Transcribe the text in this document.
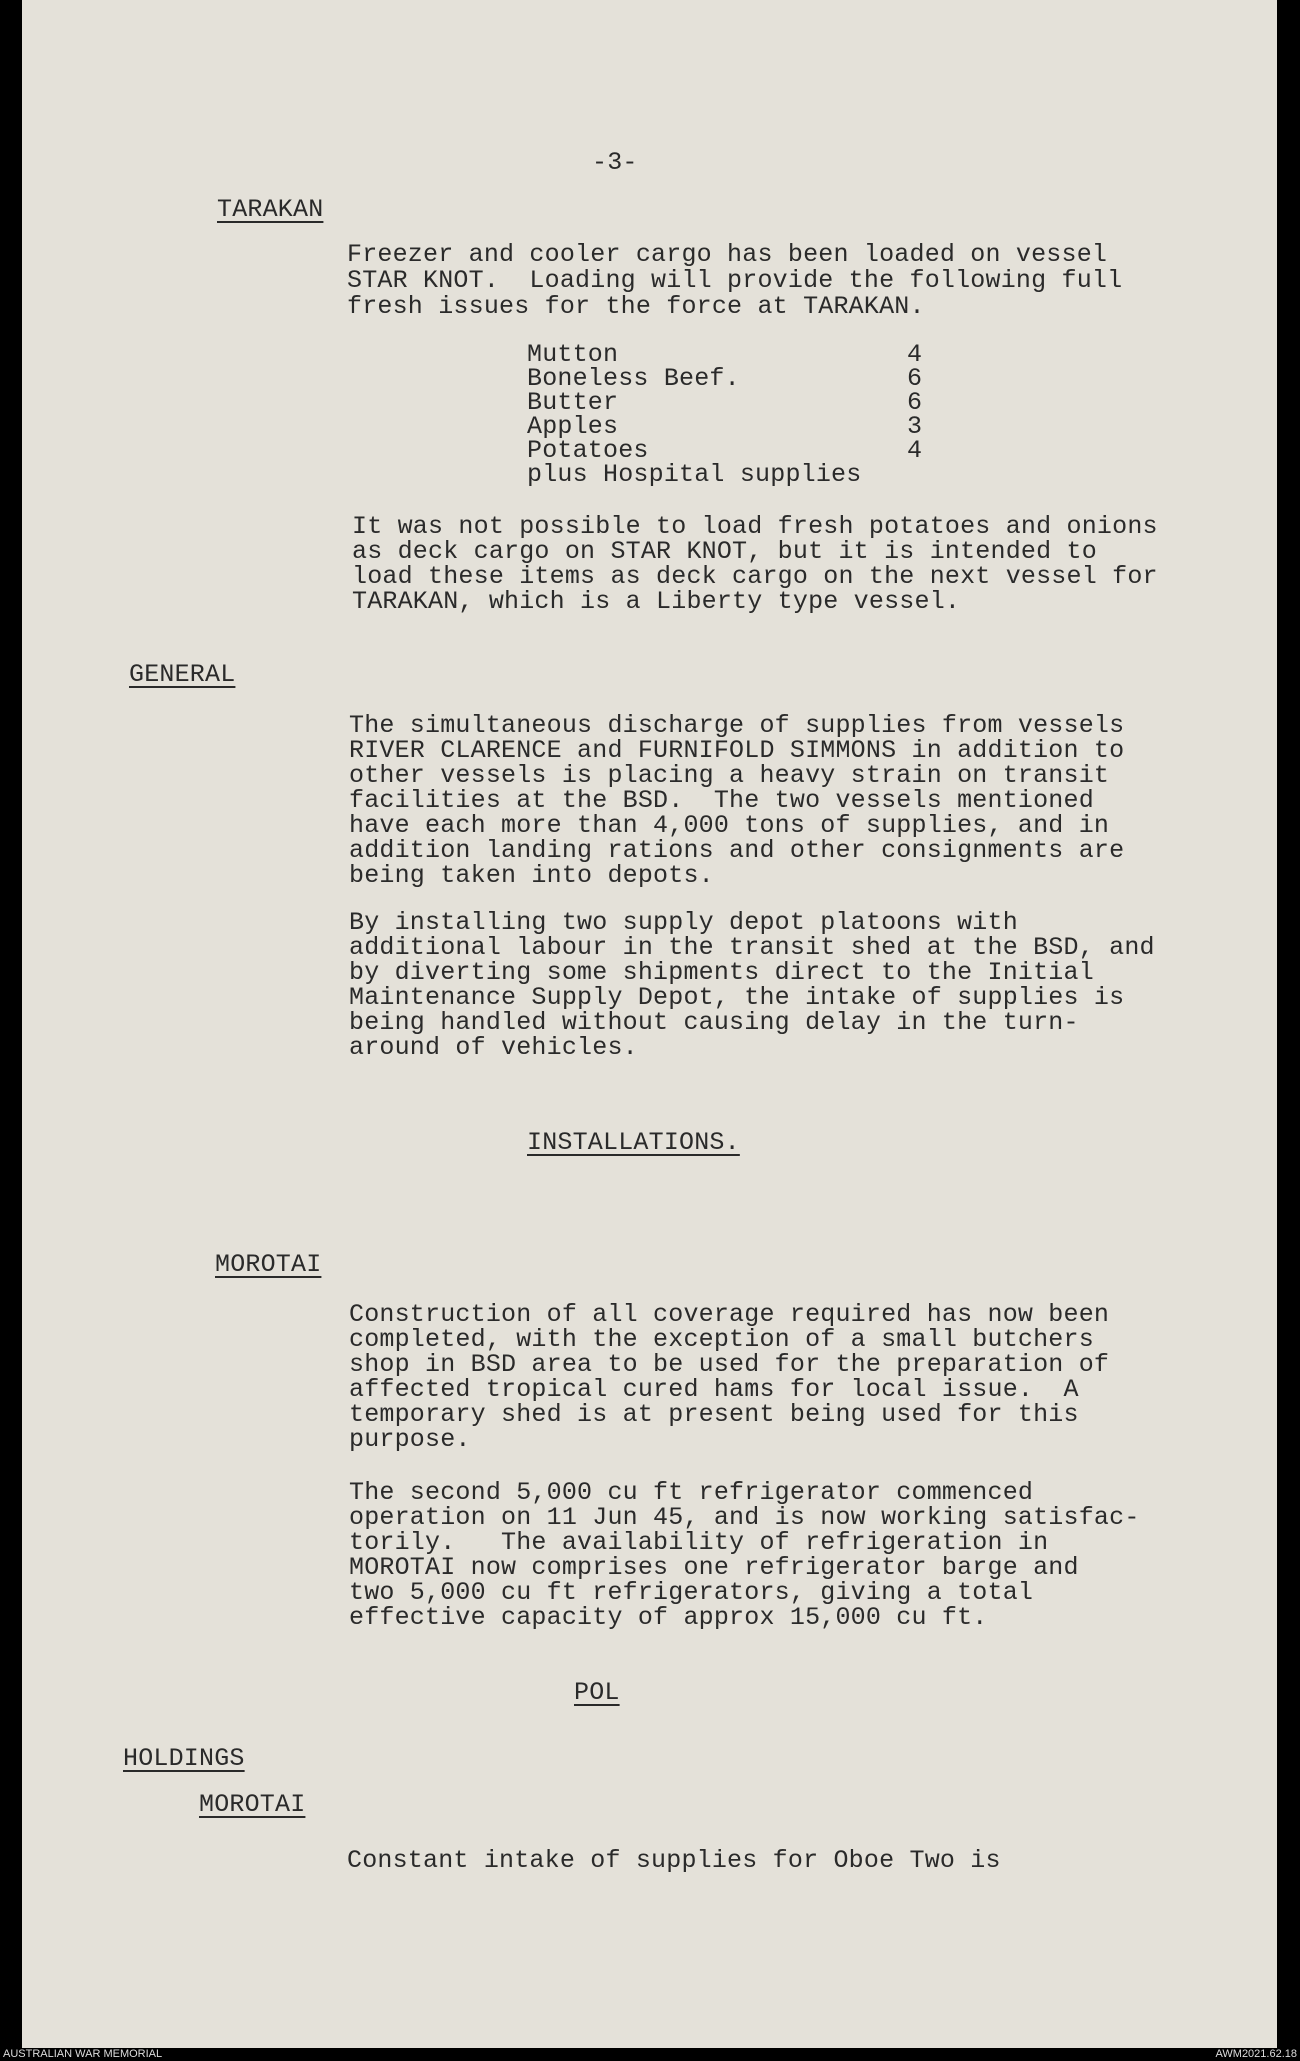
-3-
TARAKAN
Freezer and cooler cargo has been loaded on vessel
STAR KNOT.  Loading will provide the following full
fresh issues for the force at TARAKAN.
Mutton	4
Boneless Beef.	6
Butter	6
Apples	3
Potatoes	4
plus Hospital supplies
It was not possible to load fresh potatoes and onions
as deck cargo on STAR KNOT, but it is intended to
load these items as deck cargo on the next vessel for
TARAKAN, which is a Liberty type vessel.
GENERAL
The simultaneous discharge of supplies from vessels
RIVER CLARENCE and FURNIFOLD SIMMONS in addition to
other vessels is placing a heavy strain on transit
facilities at the BSD.  The two vessels mentioned
have each more than 4,000 tons of supplies, and in
addition landing rations and other consignments are
being taken into depots.
By installing two supply depot platoons with
additional labour in the transit shed at the BSD, and
by diverting some shipments direct to the Initial
Maintenance Supply Depot, the intake of supplies is
being handled without causing delay in the turn-
around of vehicles.
INSTALLATIONS.
MOROTAI
Construction of all coverage required has now been
completed, with the exception of a small butchers
shop in BSD area to be used for the preparation of
affected tropical cured hams for local issue.  A
temporary shed is at present being used for this
purpose.
The second 5,000 cu ft refrigerator commenced
operation on 11 Jun 45, and is now working satisfac-
torily.   The availability of refrigeration in
MOROTAI now comprises one refrigerator barge and
two 5,000 cu ft refrigerators, giving a total
effective capacity of approx 15,000 cu ft.
POL
HOLDINGS
MOROTAI
Constant intake of supplies for Oboe Two is
AUSTRALIAN WAR MEMORIAL	AWM2021.62.18
